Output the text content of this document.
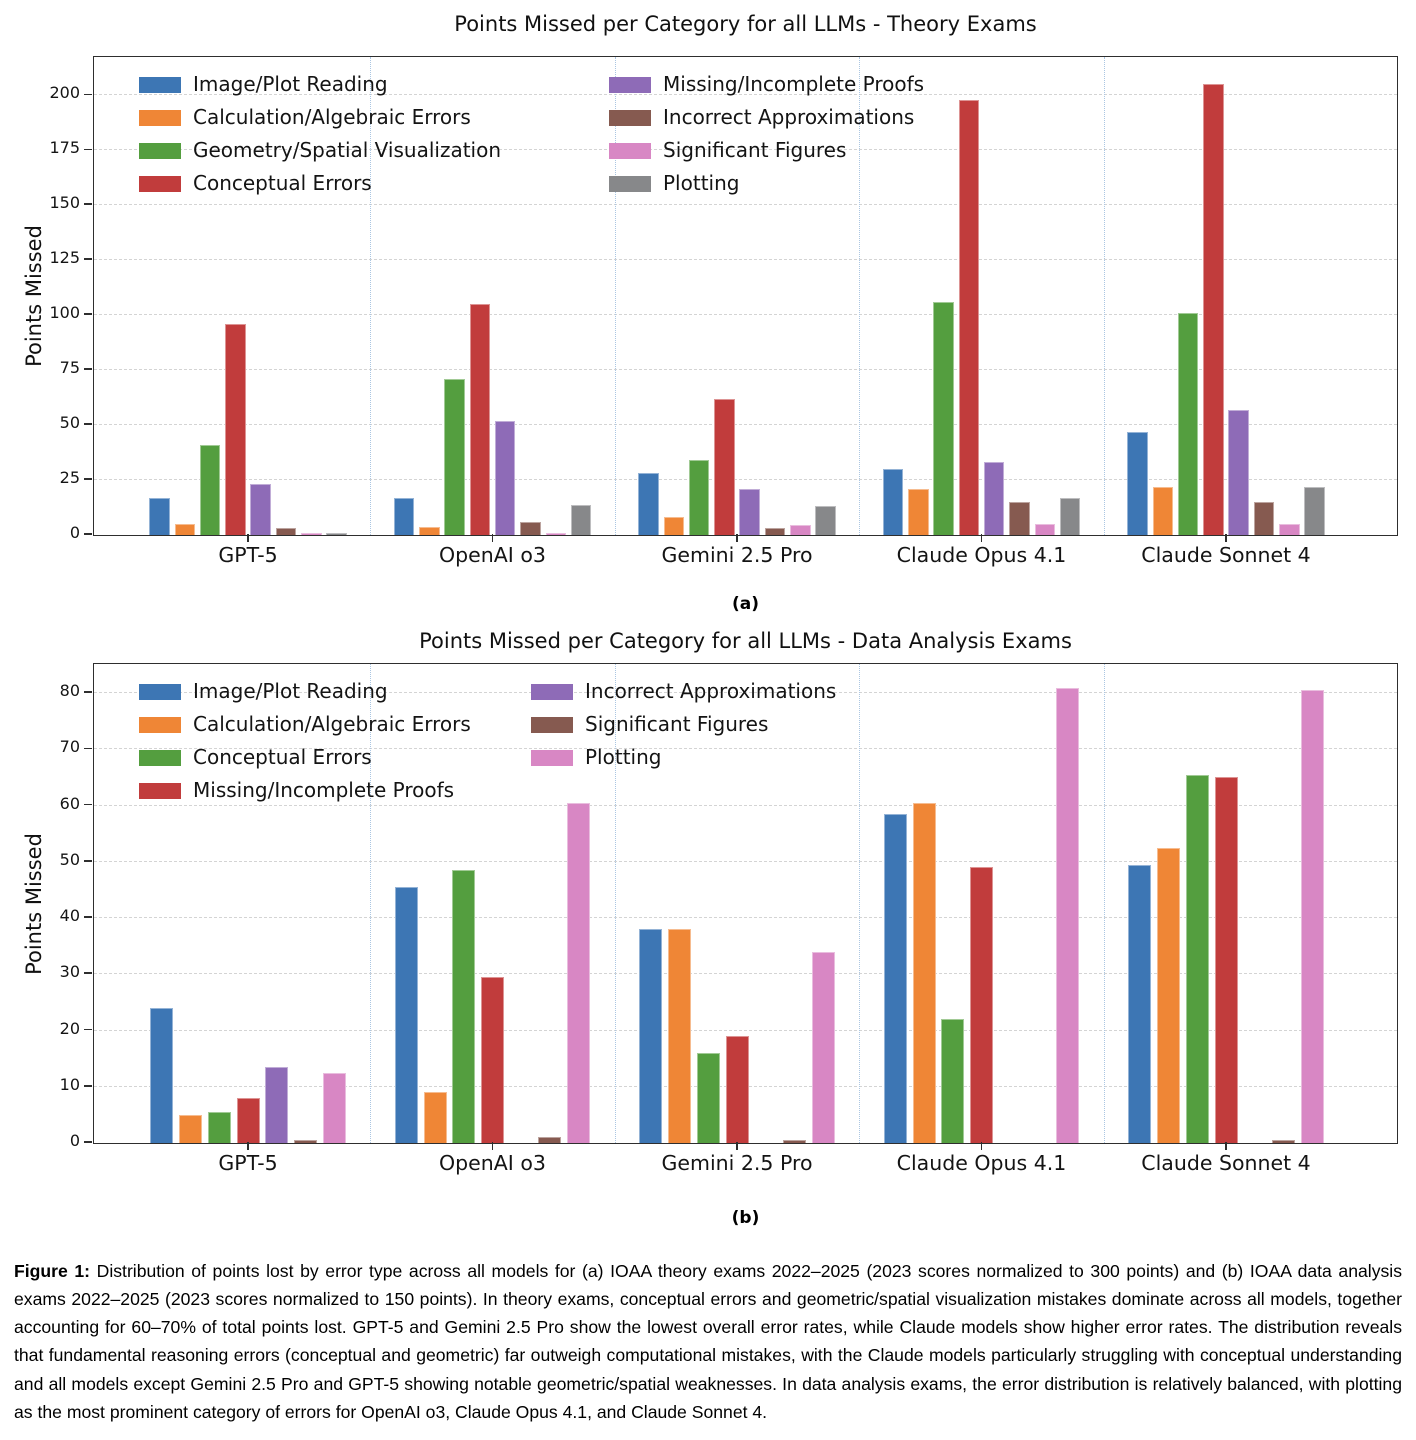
Points Missed per Category for all LLMs - Theory Exams
Points Missed
0
25
50
75
100
125
150
175
200
GPT-5	OpenAI o3	Gemini 2.5 Pro	Claude Opus 4.1	Claude Sonnet 4
Image/Plot Reading
Calculation/Algebraic Errors
Geometry/Spatial Visualization
Conceptual Errors
Missing/Incomplete Proofs
Incorrect Approximations
Significant Figures
Plotting
(a)
Points Missed per Category for all LLMs - Data Analysis Exams
Points Missed
0
10
20
30
40
50
60
70
80
GPT-5	OpenAI o3	Gemini 2.5 Pro	Claude Opus 4.1	Claude Sonnet 4
Image/Plot Reading
Calculation/Algebraic Errors
Conceptual Errors
Missing/Incomplete Proofs
Incorrect Approximations
Significant Figures
Plotting
(b)

Figure 1: Distribution of points lost by error type across all models for (a) IOAA theory exams 2022–2025 (2023 scores normalized to 300 points) and (b) IOAA data analysis exams 2022–2025 (2023 scores normalized to 150 points). In theory exams, conceptual errors and geometric/spatial visualization mistakes dominate across all models, together accounting for 60–70% of total points lost. GPT-5 and Gemini 2.5 Pro show the lowest overall error rates, while Claude models show higher error rates. The distribution reveals that fundamental reasoning errors (conceptual and geometric) far outweigh computational mistakes, with the Claude models particularly struggling with conceptual understanding and all models except Gemini 2.5 Pro and GPT-5 showing notable geometric/spatial weaknesses. In data analysis exams, the error distribution is relatively balanced, with plotting as the most prominent category of errors for OpenAI o3, Claude Opus 4.1, and Claude Sonnet 4.
